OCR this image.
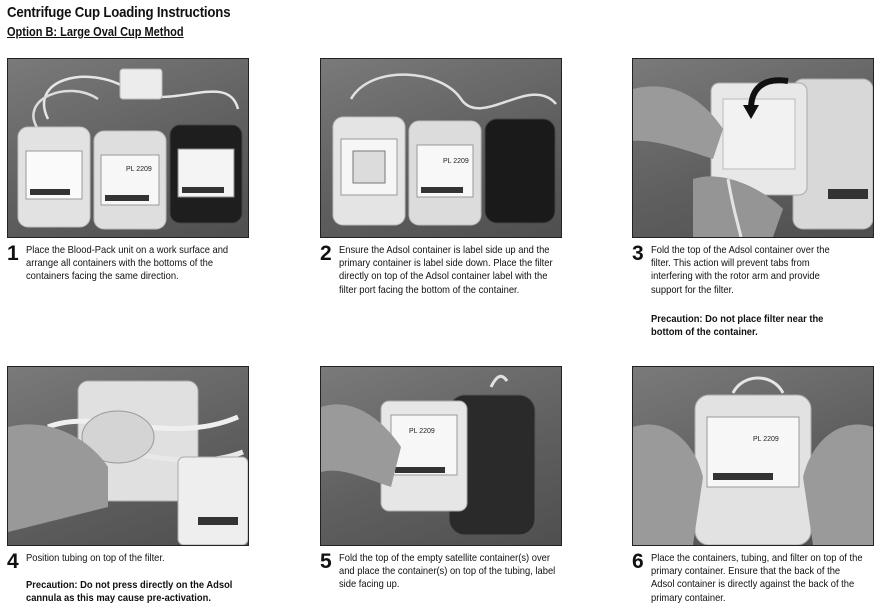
Centrifuge Cup Loading Instructions
Option B: Large Oval Cup Method
PL 2209
1 Place the Blood-Pack unit on a work surface and arrange all containers with the bottoms of the containers facing the same direction.
PL 2209
2 Ensure the Adsol container is label side up and the primary container is label side down. Place the filter directly on top of the Adsol container label with the filter port facing the bottom of the container.
3 Fold the top of the Adsol container over the filter. This action will prevent tabs from interfering with the rotor arm and provide support for the filter.
Precaution: Do not place filter near the bottom of the container.
4 Position tubing on top of the filter.
Precaution: Do not press directly on the Adsol cannula as this may cause pre-activation.
PL 2209
5 Fold the top of the empty satellite container(s) over and place the container(s) on top of the tubing, label side facing up.
PL 2209
6 Place the containers, tubing, and filter on top of the primary container. Ensure that the back of the Adsol container is directly against the back of the primary container.
